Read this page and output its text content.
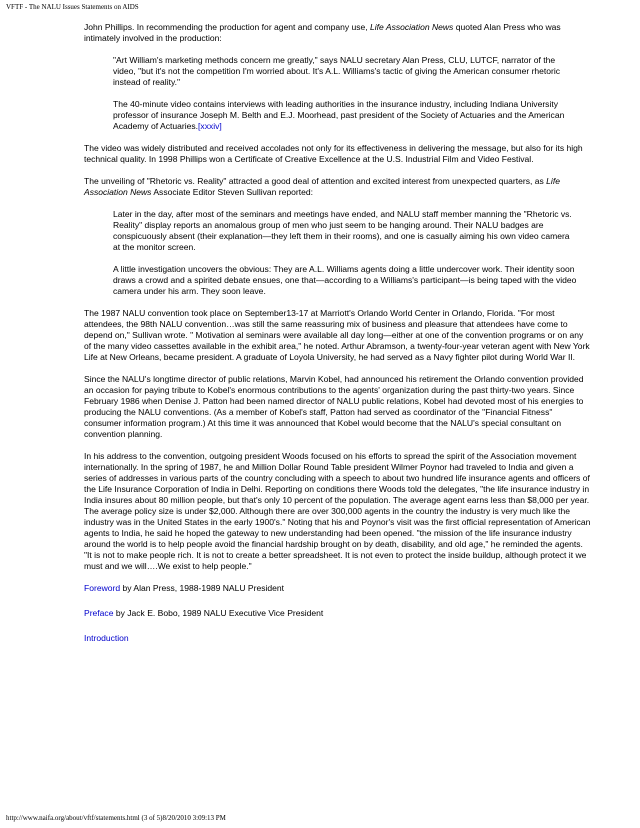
VFTF - The NALU Issues Statements on AIDS

John Phillips. In recommending the production for agent and company use, Life Association News quoted Alan Press who was intimately involved in the production:

"Art William's marketing methods concern me greatly," says NALU secretary Alan Press, CLU, LUTCF, narrator of the video, "but it's not the competition I'm worried about. It's A.L. Williams's tactic of giving the American consumer rhetoric instead of reality."

The 40-minute video contains interviews with leading authorities in the insurance industry, including Indiana University professor of insurance Joseph M. Belth and E.J. Moorhead, past president of the Society of Actuaries and the American Academy of Actuaries.[xxxiv]

The video was widely distributed and received accolades not only for its effectiveness in delivering the message, but also for its high technical quality. In 1998 Phillips won a Certificate of Creative Excellence at the U.S. Industrial Film and Video Festival.

The unveiling of "Rhetoric vs. Reality" attracted a good deal of attention and excited interest from unexpected quarters, as Life Association News Associate Editor Steven Sullivan reported:

Later in the day, after most of the seminars and meetings have ended, and NALU staff member manning the "Rhetoric vs. Reality" display reports an anomalous group of men who just seem to be hanging around. Their NALU badges are conspicuously absent (their explanation—they left them in their rooms), and one is casually aiming his own video camera at the monitor screen.

A little investigation uncovers the obvious: They are A.L. Williams agents doing a little undercover work. Their identity soon draws a crowd and a spirited debate ensues, one that—according to a Williams's participant—is being taped with the video camera under his arm. They soon leave.

The 1987 NALU convention took place on September13-17 at Marriott's Orlando World Center in Orlando, Florida. "For most attendees, the 98th NALU convention…was still the same reassuring mix of business and pleasure that attendees have come to depend on," Sullivan wrote. " Motivation al seminars were available all day long—either at one of the convention programs or on any of the many video cassettes available in the exhibit area," he noted. Arthur Abramson, a twenty-four-year veteran agent with New York Life at New Orleans, became president. A graduate of Loyola University, he had served as a Navy fighter pilot during World War II.

Since the NALU's longtime director of public relations, Marvin Kobel, had announced his retirement the Orlando convention provided an occasion for paying tribute to Kobel's enormous contributions to the agents' organization during the past thirty-two years. Since February 1986 when Denise J. Patton had been named director of NALU public relations, Kobel had devoted most of his energies to producing the NALU conventions. (As a member of Kobel's staff, Patton had served as coordinator of the "Financial Fitness" consumer information program.) At this time it was announced that Kobel would become that the NALU's special consultant on convention planning.

In his address to the convention, outgoing president Woods focused on his efforts to spread the spirit of the Association movement internationally. In the spring of 1987, he and Million Dollar Round Table president Wilmer Poynor had traveled to India and given a series of addresses in various parts of the country concluding with a speech to about two hundred life insurance agents and officers of the Life Insurance Corporation of India in Delhi. Reporting on conditions there Woods told the delegates, "the life insurance industry in India insures about 80 million people, but that's only 10 percent of the population. The average agent earns less than $8,000 per year. The average policy size is under $2,000. Although there are over 300,000 agents in the country the industry is very much like the industry was in the United States in the early 1900's." Noting that his and Poynor's visit was the first official representation of American agents to India, he said he hoped the gateway to new understanding had been opened. "the mission of the life insurance industry around the world is to help people avoid the financial hardship brought on by death, disability, and old age," he reminded the agents. "It is not to make people rich. It is not to create a better spreadsheet. It is not even to protect the inside buildup, although protect it we must and we will….We exist to help people."

Foreword by Alan Press, 1988-1989 NALU President

Preface by Jack E. Bobo, 1989 NALU Executive Vice President

Introduction

http://www.naifa.org/about/vftf/statements.html (3 of 5)8/20/2010 3:09:13 PM
